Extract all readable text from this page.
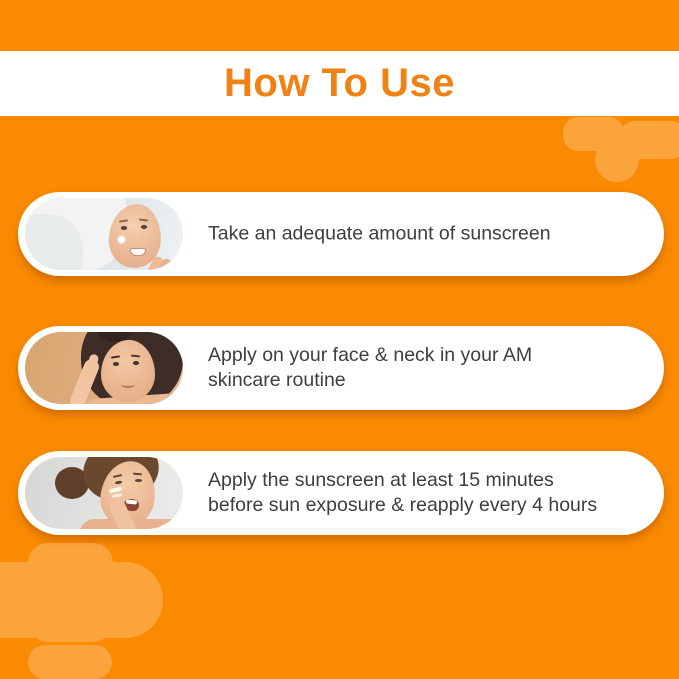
How To Use
Take an adequate amount of sunscreen
Apply on your face & neck in your AM
skincare routine
Apply the sunscreen at least 15 minutes
before sun exposure & reapply every 4 hours
